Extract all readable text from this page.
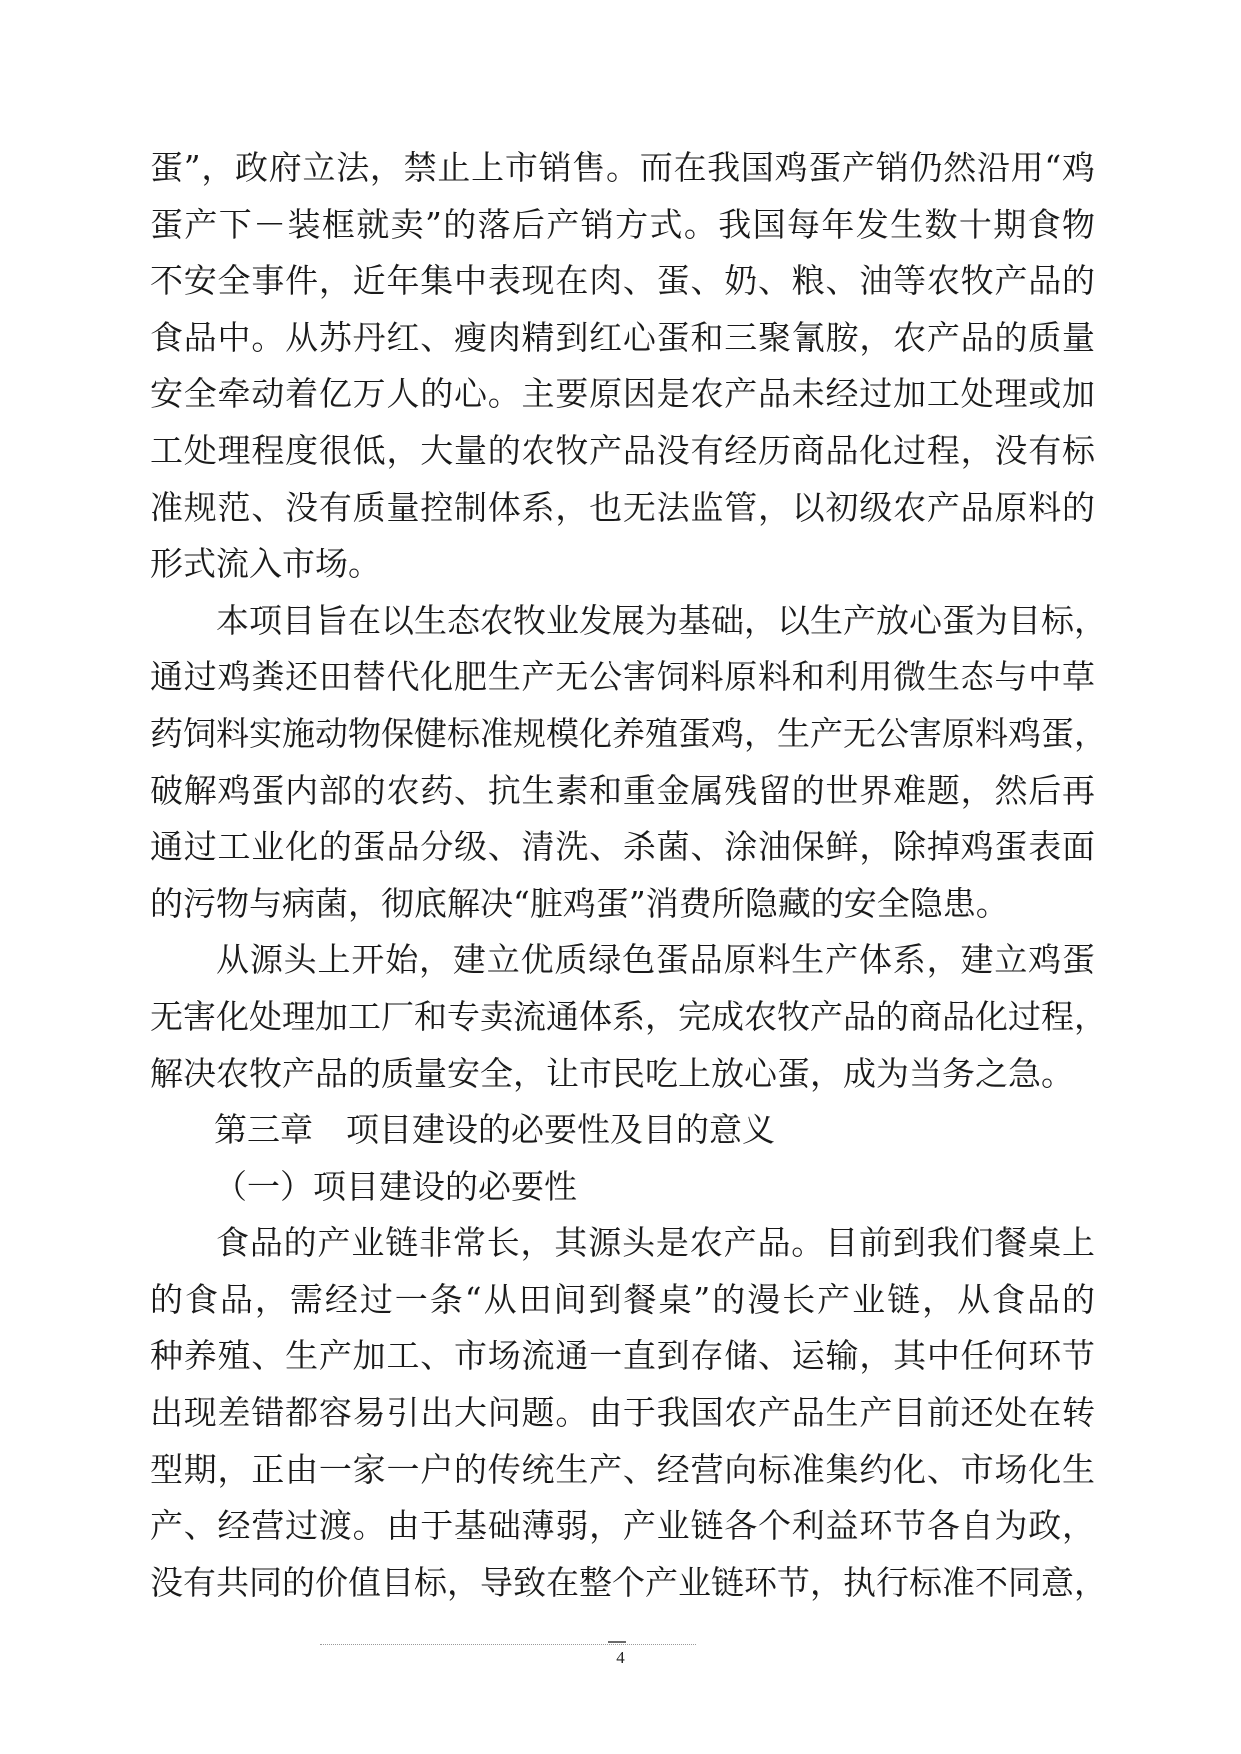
蛋”，政府立法，禁止上市销售。而在我国鸡蛋产销仍然沿用“鸡
蛋产下－装框就卖”的落后产销方式。我国每年发生数十期食物
不安全事件，近年集中表现在肉、蛋、奶、粮、油等农牧产品的
食品中。从苏丹红、瘦肉精到红心蛋和三聚氰胺，农产品的质量
安全牵动着亿万人的心。主要原因是农产品未经过加工处理或加
工处理程度很低，大量的农牧产品没有经历商品化过程，没有标
准规范、没有质量控制体系，也无法监管，以初级农产品原料的
形式流入市场。
本项目旨在以生态农牧业发展为基础，以生产放心蛋为目标，
通过鸡粪还田替代化肥生产无公害饲料原料和利用微生态与中草
药饲料实施动物保健标准规模化养殖蛋鸡，生产无公害原料鸡蛋，
破解鸡蛋内部的农药、抗生素和重金属残留的世界难题，然后再
通过工业化的蛋品分级、清洗、杀菌、涂油保鲜，除掉鸡蛋表面
的污物与病菌，彻底解决“脏鸡蛋”消费所隐藏的安全隐患。
从源头上开始，建立优质绿色蛋品原料生产体系，建立鸡蛋
无害化处理加工厂和专卖流通体系，完成农牧产品的商品化过程，
解决农牧产品的质量安全，让市民吃上放心蛋，成为当务之急。
第三章　项目建设的必要性及目的意义
（一）项目建设的必要性
食品的产业链非常长，其源头是农产品。目前到我们餐桌上
的食品，需经过一条“从田间到餐桌”的漫长产业链，从食品的
种养殖、生产加工、市场流通一直到存储、运输，其中任何环节
出现差错都容易引出大问题。由于我国农产品生产目前还处在转
型期，正由一家一户的传统生产、经营向标准集约化、市场化生
产、经营过渡。由于基础薄弱，产业链各个利益环节各自为政，
没有共同的价值目标，导致在整个产业链环节，执行标准不同意，
4
